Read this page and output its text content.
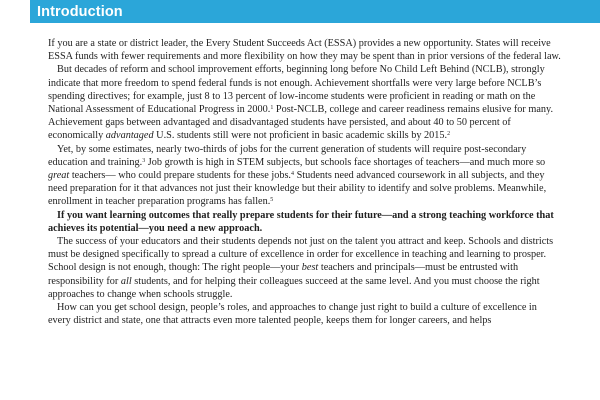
Introduction

If you are a state or district leader, the Every Student Succeeds Act (ESSA) provides a new opportunity. States will receive ESSA funds with fewer requirements and more flexibility on how they may be spent than in prior versions of the federal law.

But decades of reform and school improvement efforts, beginning long before No Child Left Behind (NCLB), strongly indicate that more freedom to spend federal funds is not enough. Achievement shortfalls were very large before NCLB’s spending directives; for example, just 8 to 13 percent of low-income students were proficient in reading or math on the National Assessment of Educational Progress in 2000.$^1$ Post-NCLB, college and career readiness remains elusive for many. Achievement gaps between advantaged and disadvantaged students have persisted, and about 40 to 50 percent of economically advantaged U.S. students still were not proficient in basic academic skills by 2015.$^2$

Yet, by some estimates, nearly two-thirds of jobs for the current generation of students will require post-secondary education and training.$^3$ Job growth is high in STEM subjects, but schools face shortages of teachers—and much more so great teachers— who could prepare students for these jobs.$^4$ Students need advanced coursework in all subjects, and they need preparation for it that advances not just their knowledge but their ability to identify and solve problems. Meanwhile, enrollment in teacher preparation programs has fallen.$^5$

If you want learning outcomes that really prepare students for their future—and a strong teaching workforce that achieves its potential—you need a new approach.

The success of your educators and their students depends not just on the talent you attract and keep. Schools and districts must be designed specifically to spread a culture of excellence in order for excellence in teaching and learning to prosper. School design is not enough, though: The right people—your best teachers and principals—must be entrusted with responsibility for all students, and for helping their colleagues succeed at the same level. And you must choose the right approaches to change when schools struggle.

How can you get school design, people’s roles, and approaches to change just right to build a culture of excellence in every district and state, one that attracts even more talented people, keeps them for longer careers, and helps
